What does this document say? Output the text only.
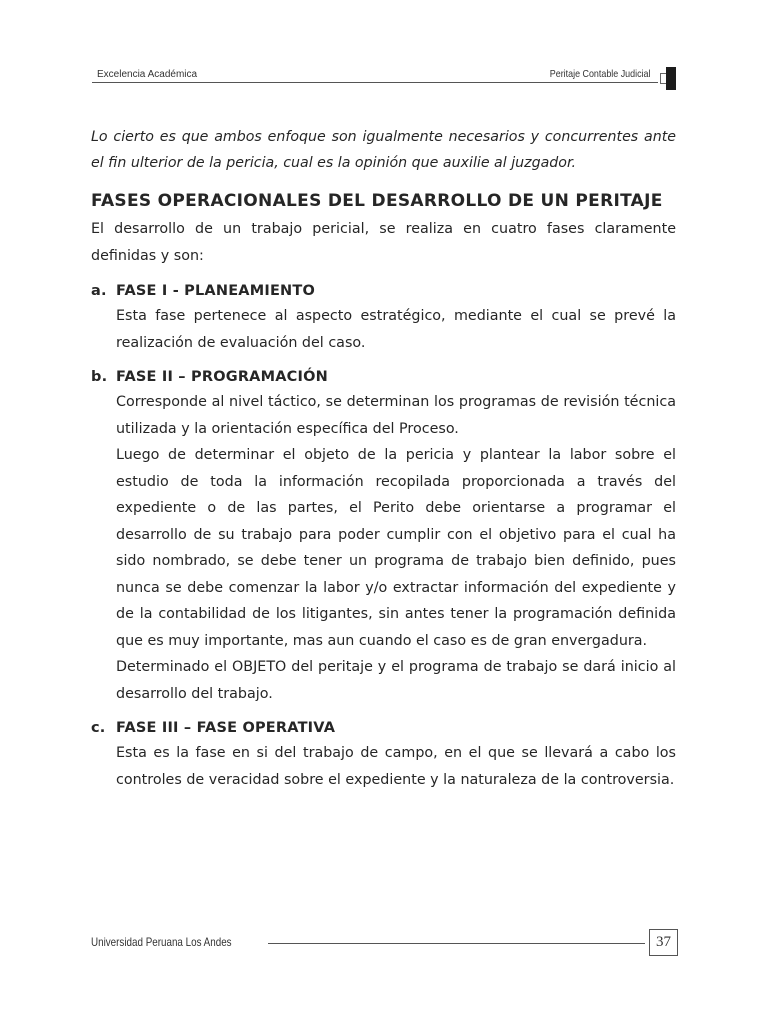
Excelencia Académica	Peritaje Contable Judicial

Lo cierto es que ambos enfoque son igualmente necesarios y concurrentes ante el fin ulterior de la pericia, cual es la opinión que auxilie al juzgador.

FASES OPERACIONALES DEL DESARROLLO DE UN PERITAJE

El desarrollo de un trabajo pericial, se realiza en cuatro fases claramente definidas y son:

a. FASE I - PLANEAMIENTO

Esta fase pertenece al aspecto estratégico, mediante el cual se prevé la realización de evaluación del caso.

b. FASE II – PROGRAMACIÓN

Corresponde al nivel táctico, se determinan los programas de revisión técnica utilizada y la orientación específica del Proceso.

Luego de determinar el objeto de la pericia y plantear la labor sobre el estudio de toda la información recopilada proporcionada a través del expediente o de las partes, el Perito debe orientarse a programar el desarrollo de su trabajo para poder cumplir con el objetivo para el cual ha sido nombrado, se debe tener un programa de trabajo bien definido, pues nunca se debe comenzar la labor y/o extractar información del expediente y de la contabilidad de los litigantes, sin antes tener la programación definida que es muy importante, mas aun cuando el caso es de gran envergadura.

Determinado el OBJETO del peritaje y el programa de trabajo se dará inicio al desarrollo del trabajo.

c. FASE III – FASE OPERATIVA

Esta es la fase en si del trabajo de campo, en el que se llevará a cabo los controles de veracidad sobre el expediente y la naturaleza de la controversia.

Universidad Peruana Los Andes	37
